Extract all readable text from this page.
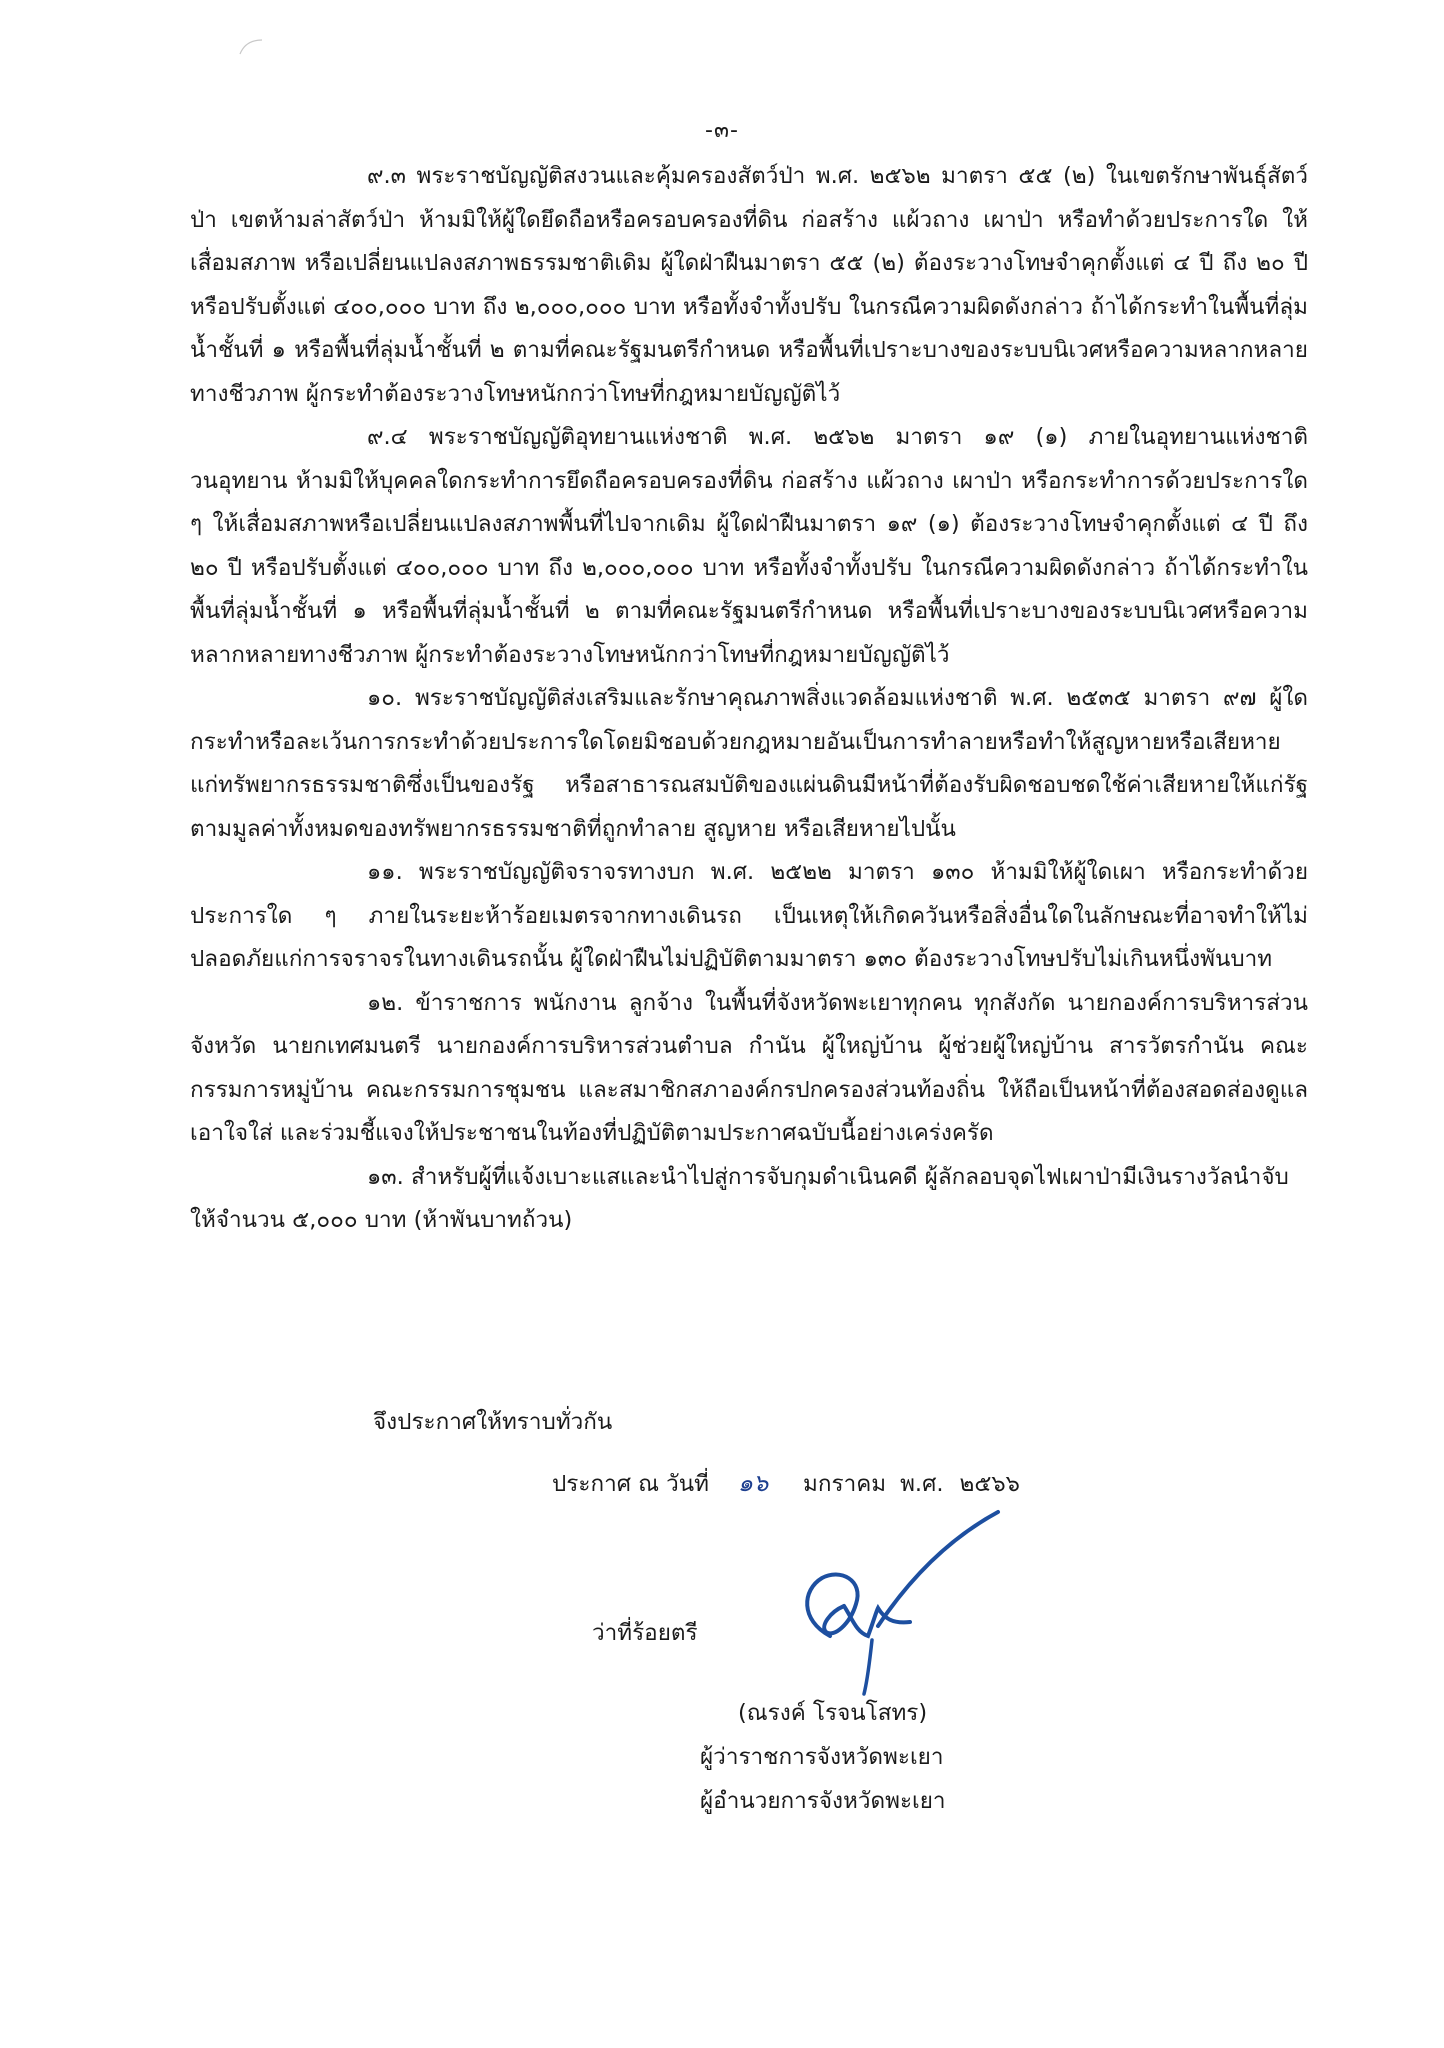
-๓-

๙.๓ พระราชบัญญัติสงวนและคุ้มครองสัตว์ป่า พ.ศ. ๒๕๖๒ มาตรา ๕๕ (๒) ในเขตรักษาพันธุ์สัตว์ป่า เขตห้ามล่าสัตว์ป่า ห้ามมิให้ผู้ใดยึดถือหรือครอบครองที่ดิน ก่อสร้าง แผ้วถาง เผาป่า หรือทำด้วยประการใด ให้เสื่อมสภาพ หรือเปลี่ยนแปลงสภาพธรรมชาติเดิม ผู้ใดฝ่าฝืนมาตรา ๕๕ (๒) ต้องระวางโทษจำคุกตั้งแต่ ๔ ปี ถึง ๒๐ ปี หรือปรับตั้งแต่ ๔๐๐,๐๐๐ บาท ถึง ๒,๐๐๐,๐๐๐ บาท หรือทั้งจำทั้งปรับ ในกรณีความผิดดังกล่าว ถ้าได้กระทำในพื้นที่ลุ่มน้ำชั้นที่ ๑ หรือพื้นที่ลุ่มน้ำชั้นที่ ๒ ตามที่คณะรัฐมนตรีกำหนด หรือพื้นที่เปราะบางของระบบนิเวศหรือความหลากหลายทางชีวภาพ ผู้กระทำต้องระวางโทษหนักกว่าโทษที่กฎหมายบัญญัติไว้

๙.๔ พระราชบัญญัติอุทยานแห่งชาติ พ.ศ. ๒๕๖๒ มาตรา ๑๙ (๑) ภายในอุทยานแห่งชาติ วนอุทยาน ห้ามมิให้บุคคลใดกระทำการยึดถือครอบครองที่ดิน ก่อสร้าง แผ้วถาง เผาป่า หรือกระทำการด้วยประการใด ๆ ให้เสื่อมสภาพหรือเปลี่ยนแปลงสภาพพื้นที่ไปจากเดิม ผู้ใดฝ่าฝืนมาตรา ๑๙ (๑) ต้องระวางโทษจำคุกตั้งแต่ ๔ ปี ถึง ๒๐ ปี หรือปรับตั้งแต่ ๔๐๐,๐๐๐ บาท ถึง ๒,๐๐๐,๐๐๐ บาท หรือทั้งจำทั้งปรับ ในกรณีความผิดดังกล่าว ถ้าได้กระทำในพื้นที่ลุ่มน้ำชั้นที่ ๑ หรือพื้นที่ลุ่มน้ำชั้นที่ ๒ ตามที่คณะรัฐมนตรีกำหนด หรือพื้นที่เปราะบางของระบบนิเวศหรือความหลากหลายทางชีวภาพ ผู้กระทำต้องระวางโทษหนักกว่าโทษที่กฎหมายบัญญัติไว้

๑๐. พระราชบัญญัติส่งเสริมและรักษาคุณภาพสิ่งแวดล้อมแห่งชาติ พ.ศ. ๒๕๓๕ มาตรา ๙๗ ผู้ใดกระทำหรือละเว้นการกระทำด้วยประการใดโดยมิชอบด้วยกฎหมายอันเป็นการทำลายหรือทำให้สูญหายหรือเสียหายแก่ทรัพยากรธรรมชาติซึ่งเป็นของรัฐ หรือสาธารณสมบัติของแผ่นดินมีหน้าที่ต้องรับผิดชอบชดใช้ค่าเสียหายให้แก่รัฐตามมูลค่าทั้งหมดของทรัพยากรธรรมชาติที่ถูกทำลาย สูญหาย หรือเสียหายไปนั้น

๑๑. พระราชบัญญัติจราจรทางบก พ.ศ. ๒๕๒๒ มาตรา ๑๓๐ ห้ามมิให้ผู้ใดเผา หรือกระทำด้วยประการใด ๆ ภายในระยะห้าร้อยเมตรจากทางเดินรถ เป็นเหตุให้เกิดควันหรือสิ่งอื่นใดในลักษณะที่อาจทำให้ไม่ปลอดภัยแก่การจราจรในทางเดินรถนั้น ผู้ใดฝ่าฝืนไม่ปฏิบัติตามมาตรา ๑๓๐ ต้องระวางโทษปรับไม่เกินหนึ่งพันบาท

๑๒. ข้าราชการ พนักงาน ลูกจ้าง ในพื้นที่จังหวัดพะเยาทุกคน ทุกสังกัด นายกองค์การบริหารส่วนจังหวัด นายกเทศมนตรี นายกองค์การบริหารส่วนตำบล กำนัน ผู้ใหญ่บ้าน ผู้ช่วยผู้ใหญ่บ้าน สารวัตรกำนัน คณะกรรมการหมู่บ้าน คณะกรรมการชุมชน และสมาชิกสภาองค์กรปกครองส่วนท้องถิ่น ให้ถือเป็นหน้าที่ต้องสอดส่องดูแลเอาใจใส่ และร่วมชี้แจงให้ประชาชนในท้องที่ปฏิบัติตามประกาศฉบับนี้อย่างเคร่งครัด

๑๓. สำหรับผู้ที่แจ้งเบาะแสและนำไปสู่การจับกุมดำเนินคดี ผู้ลักลอบจุดไฟเผาป่ามีเงินรางวัลนำจับให้จำนวน ๕,๐๐๐ บาท (ห้าพันบาทถ้วน)

จึงประกาศให้ทราบทั่วกัน
ประกาศ ณ วันที่ ๑๖ มกราคม พ.ศ. ๒๕๖๖
ว่าที่ร้อยตรี
(ณรงค์ โรจนโสทร)
ผู้ว่าราชการจังหวัดพะเยา
ผู้อำนวยการจังหวัดพะเยา
